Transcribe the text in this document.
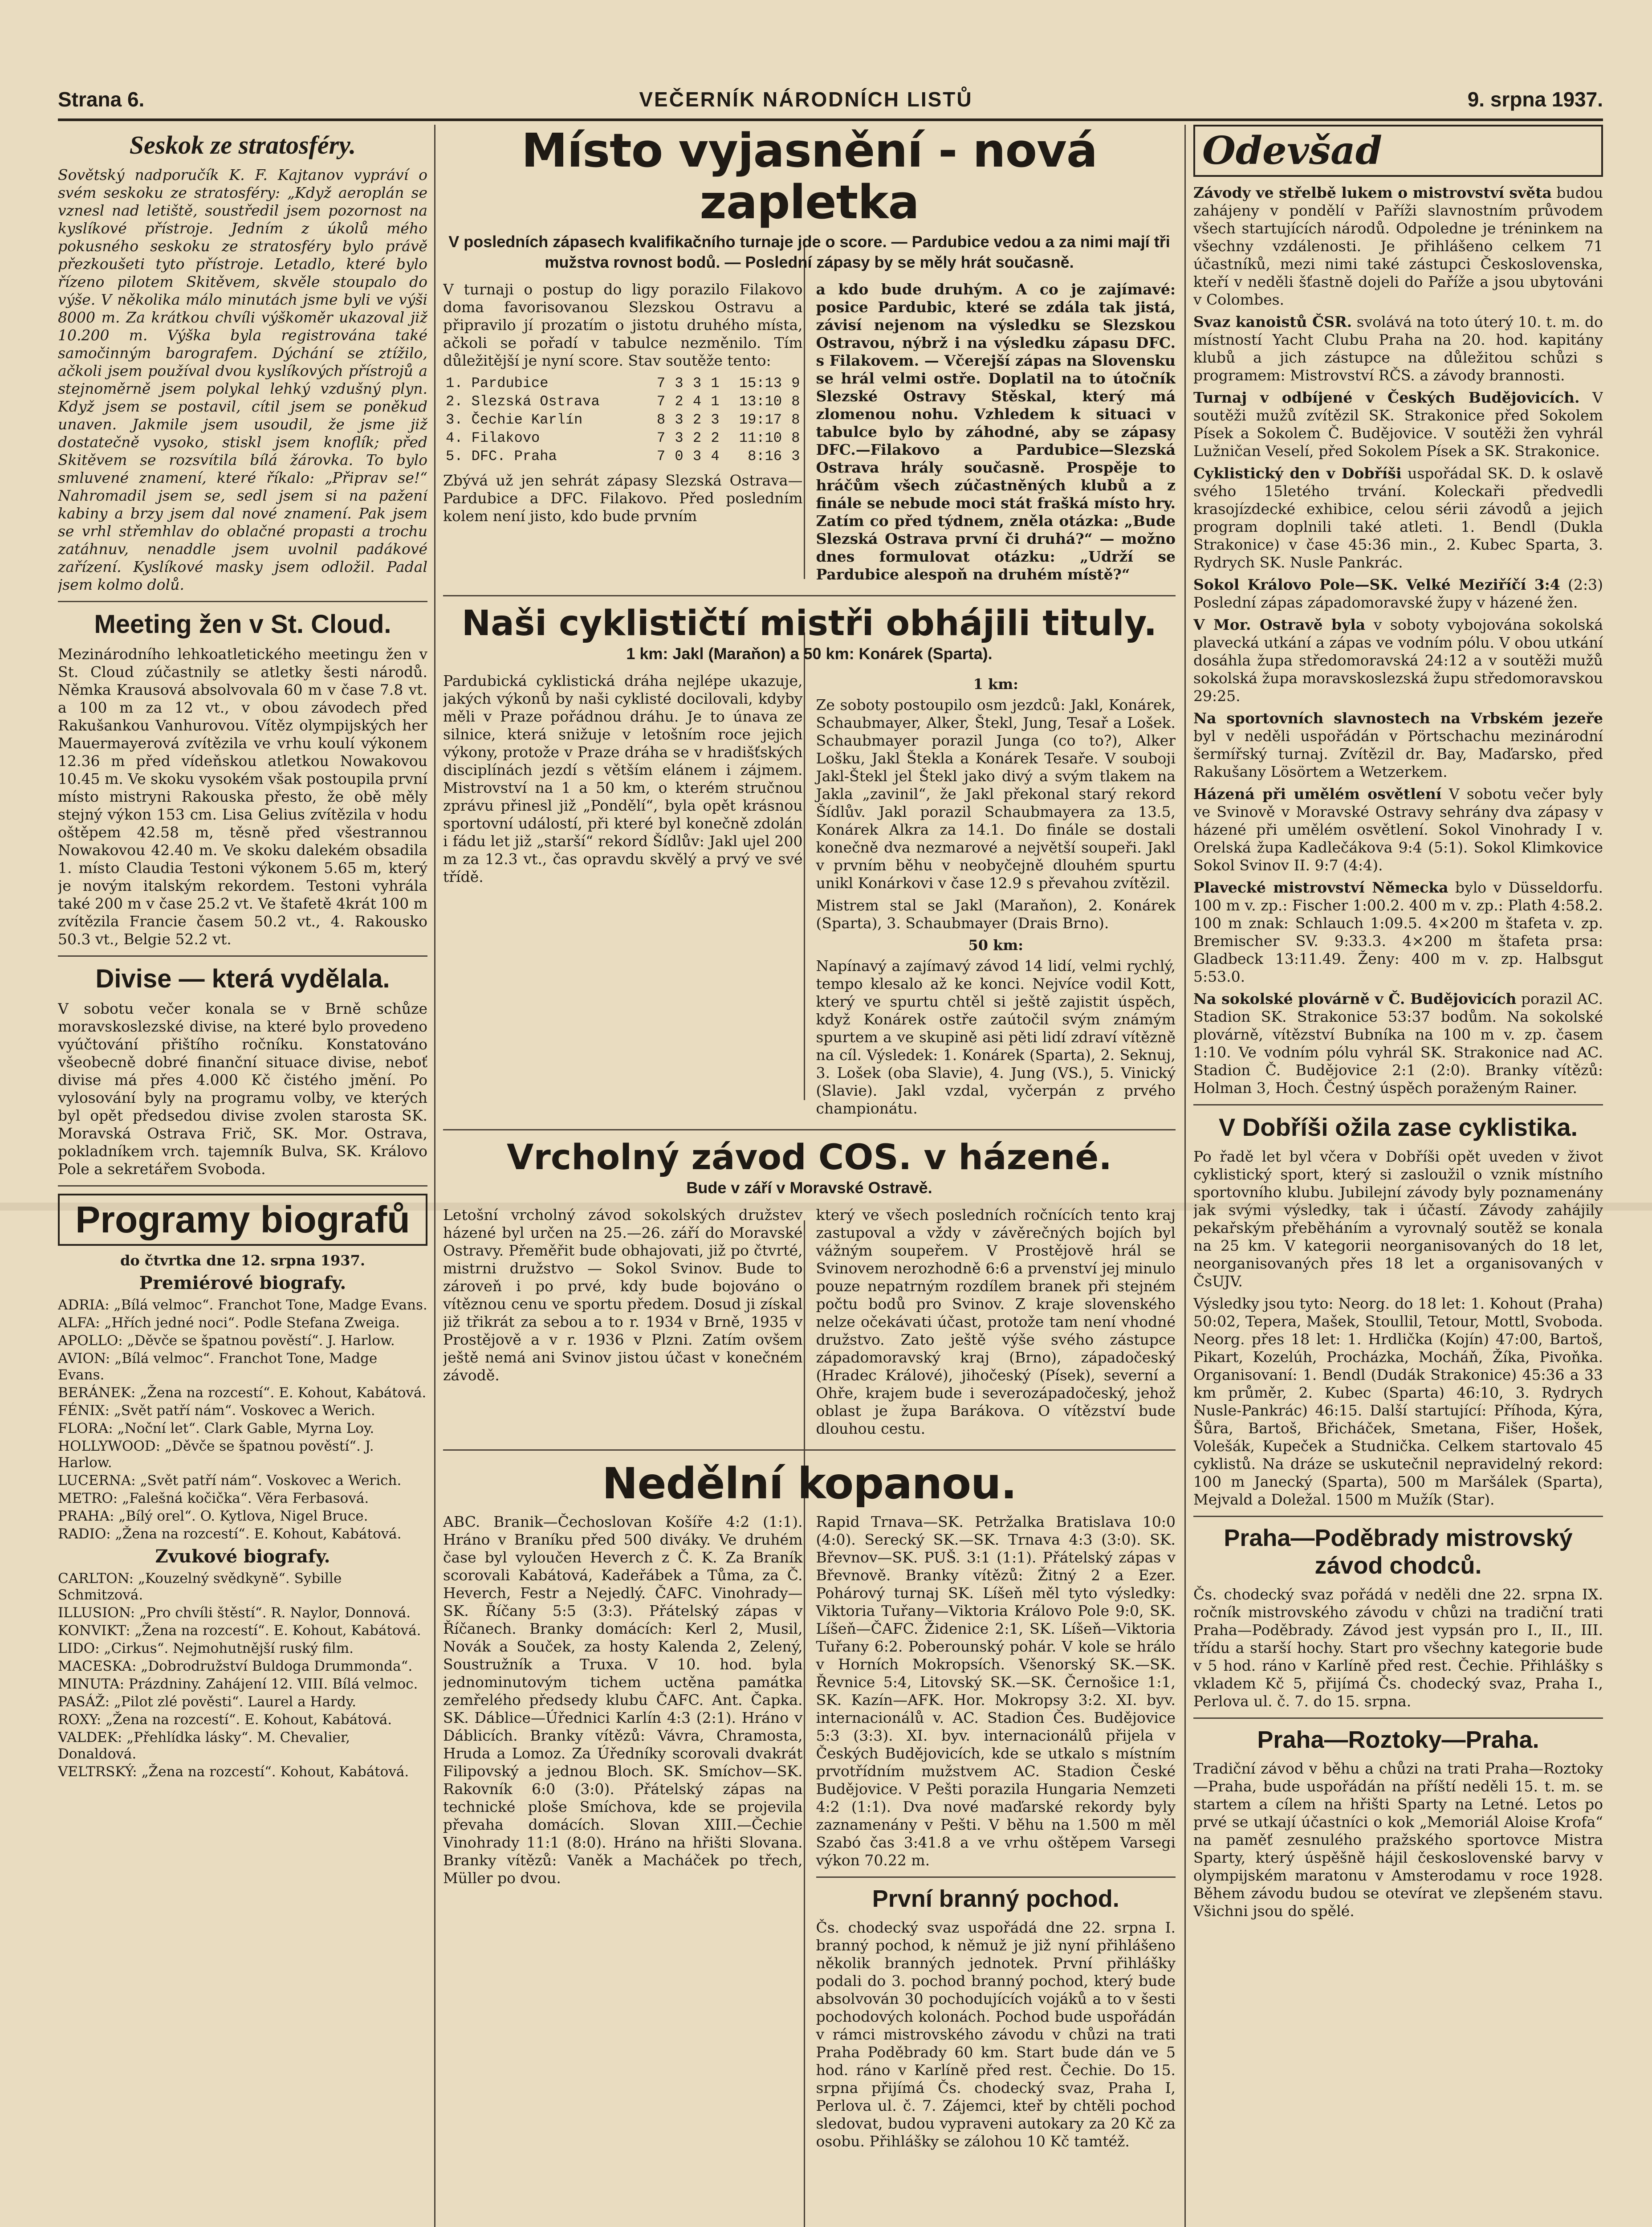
Strana 6.	VEČERNÍK NÁRODNÍCH LISTŮ	9. srpna 1937.
Seskok ze stratosféry.

Sovětský nadporučík K. F. Kajtanov vypráví o svém seskoku ze stratosféry: „Když aeroplán se vznesl nad letiště, soustředil jsem pozornost na kyslíkové přístroje. Jedním z úkolů mého pokusného seskoku ze stratosféry bylo právě přezkoušeti tyto přístroje. Letadlo, které bylo řízeno pilotem Skitěvem, skvěle stoupalo do výše. V několika málo minutách jsme byli ve výši 8000 m. Za krátkou chvíli výškoměr ukazoval již 10.200 m. Výška byla registrována také samočinným barografem. Dýchání se ztížilo, ačkoli jsem používal dvou kyslíkových přístrojů a stejnoměrně jsem polykal lehký vzdušný plyn. Když jsem se postavil, cítil jsem se poněkud unaven. Jakmile jsem usoudil, že jsme již dostatečně vysoko, stiskl jsem knoflík; před Skitěvem se rozsvítila bílá žárovka. To bylo smluvené znamení, které říkalo: „Připrav se!“ Nahromadil jsem se, sedl jsem si na pažení kabiny a brzy jsem dal nové znamení. Pak jsem se vrhl střemhlav do oblačné propasti a trochu zatáhnuv, nenaddle jsem uvolnil padákové zařízení. Kyslíkové masky jsem odložil. Padal jsem kolmo dolů.

Meeting žen v St. Cloud.

Mezinárodního lehkoatletického meetingu žen v St. Cloud zúčastnily se atletky šesti národů. Němka Krausová absolvovala 60 m v čase 7.8 vt. a 100 m za 12 vt., v obou závodech před Rakušankou Vanhurovou. Vítěz olympijských her Mauermayerová zvítězila ve vrhu koulí výkonem 12.36 m před vídeňskou atletkou Nowakovou 10.45 m. Ve skoku vysokém však postoupila první místo mistryni Rakouska přesto, že obě měly stejný výkon 153 cm. Lisa Gelius zvítězila v hodu oštěpem 42.58 m, těsně před všestrannou Nowakovou 42.40 m. Ve skoku dalekém obsadila 1. místo Claudia Testoni výkonem 5.65 m, který je novým italským rekordem. Testoni vyhrála také 200 m v čase 25.2 vt. Ve štafetě 4krát 100 m zvítězila Francie časem 50.2 vt., 4. Rakousko 50.3 vt., Belgie 52.2 vt.

Divise — která vydělala.

V sobotu večer konala se v Brně schůze moravskoslezské divise, na které bylo provedeno vyúčtování přištího ročníku. Konstatováno všeobecně dobré finanční situace divise, neboť divise má přes 4.000 Kč čistého jmění. Po vylosování byly na programu volby, ve kterých byl opět předsedou divise zvolen starosta SK. Moravská Ostrava Frič, SK. Mor. Ostrava, pokladníkem vrch. tajemník Bulva, SK. Královo Pole a sekretářem Svoboda.

Programy biografů
do čtvrtka dne 12. srpna 1937.
Premiérové biografy.

ADRIA: „Bílá velmoc“. Franchot Tone, Madge Evans.

ALFA: „Hřích jedné noci“. Podle Stefana Zweiga.

APOLLO: „Děvče se špatnou pověstí“. J. Harlow.

AVION: „Bílá velmoc“. Franchot Tone, Madge Evans.

BERÁNEK: „Žena na rozcestí“. E. Kohout, Kabátová.

FÉNIX: „Svět patří nám“. Voskovec a Werich.

FLORA: „Noční let“. Clark Gable, Myrna Loy.

HOLLYWOOD: „Děvče se špatnou pověstí“. J. Harlow.

LUCERNA: „Svět patří nám“. Voskovec a Werich.

METRO: „Falešná kočička“. Věra Ferbasová.

PRAHA: „Bílý orel“. O. Kytlova, Nigel Bruce.

RADIO: „Žena na rozcestí“. E. Kohout, Kabátová.

Zvukové biografy.

CARLTON: „Kouzelný svědkyně“. Sybille Schmitzová.

ILLUSION: „Pro chvíli štěstí“. R. Naylor, Donnová.

KONVIKT: „Žena na rozcestí“. E. Kohout, Kabátová.

LIDO: „Cirkus“. Nejmohutnější ruský film.

MACESKA: „Dobrodružství Buldoga Drummonda“.

MINUTA: Prázdniny. Zahájení 12. VIII. Bílá velmoc.

PASÁŽ: „Pilot zlé pověsti“. Laurel a Hardy.

ROXY: „Žena na rozcestí“. E. Kohout, Kabátová.

VALDEK: „Přehlídka lásky“. M. Chevalier, Donaldová.

VELTRSKÝ: „Žena na rozcestí“. Kohout, Kabátová.

Místo vyjasnění - nová zapletka
V posledních zápasech kvalifikačního turnaje jde o score. — Pardubice vedou a za nimi mají tři mužstva rovnost bodů. — Poslední zápasy by se měly hrát současně.

V turnaji o postup do ligy porazilo Filakovo doma favorisovanou Slezskou Ostravu a připravilo jí prozatím o jistotu druhého místa, ačkoli se pořadí v tabulce nezměnilo. Tím důležitější je nyní score. Stav soutěže tento:

1. Pardubice	7	3	3	1	15:13	9
2. Slezská Ostrava	7	2	4	1	13:10	8
3. Čechie Karlín	8	3	2	3	19:17	8
4. Filakovo	7	3	2	2	11:10	8
5. DFC. Praha	7	0	3	4	8:16	3

Zbývá už jen sehrát zápasy Slezská Ostrava—Pardubice a DFC. Filakovo. Před posledním kolem není jisto, kdo bude prvním

a kdo bude druhým. A co je zajímavé: posice Pardubic, které se zdála tak jistá, závisí nejenom na výsledku se Slezskou Ostravou, nýbrž i na výsledku zápasu DFC. s Filakovem. — Včerejší zápas na Slovensku se hrál velmi ostře. Doplatil na to útočník Slezské Ostravy Stěskal, který má zlomenou nohu. Vzhledem k situaci v tabulce bylo by záhodné, aby se zápasy DFC.—Filakovo a Pardubice—Slezská Ostrava hrály současně. Prospěje to hráčům všech zúčastněných klubů a z finále se nebude moci stát frašká místo hry. Zatím co před týdnem, zněla otázka: „Bude Slezská Ostrava první či druhá?“ — možno dnes formulovat otázku: „Udrží se Pardubice alespoň na druhém místě?“

Naši cyklističtí mistři obhájili tituly.
1 km: Jakl (Maraňon) a 50 km: Konárek (Sparta).

Pardubická cyklistická dráha nejlépe ukazuje, jakých výkonů by naši cyklisté docilovali, kdyby měli v Praze pořádnou dráhu. Je to únava ze silnice, která snižuje v letošním roce jejich výkony, protože v Praze dráha se v hradišťských disciplínách jezdí s větším elánem i zájmem. Mistrovství na 1 a 50 km, o kterém stručnou zprávu přinesl již „Pondělí“, byla opět krásnou sportovní událostí, při které byl konečně zdolán i fádu let již „starší“ rekord Šídlův: Jakl ujel 200 m za 12.3 vt., čas opravdu skvělý a prvý ve své třídě.

1 km:

Ze soboty postoupilo osm jezdců: Jakl, Konárek, Schaubmayer, Alker, Štekl, Jung, Tesař a Lošek. Schaubmayer porazil Junga (co to?), Alker Lošku, Jakl Štekla a Konárek Tesaře. V souboji Jakl-Štekl jel Štekl jako divý a svým tlakem na Jakla „zavinil“, že Jakl překonal starý rekord Šídlův. Jakl porazil Schaubmayera za 13.5, Konárek Alkra za 14.1. Do finále se dostali konečně dva nezmarové a největší soupeři. Jakl v prvním běhu v neobyčejně dlouhém spurtu unikl Konárkovi v čase 12.9 s převahou zvítězil.

Mistrem stal se Jakl (Maraňon), 2. Konárek (Sparta), 3. Schaubmayer (Drais Brno).

50 km:

Napínavý a zajímavý závod 14 lidí, velmi rychlý, tempo klesalo až ke konci. Nejvíce vodil Kott, který ve spurtu chtěl si ještě zajistit úspěch, když Konárek ostře zaútočil svým známým spurtem a ve skupině asi pěti lidí zdraví vítězně na cíl. Výsledek: 1. Konárek (Sparta), 2. Seknuj, 3. Lošek (oba Slavie), 4. Jung (VS.), 5. Vinický (Slavie). Jakl vzdal, vyčerpán z prvého championátu.

Vrcholný závod COS. v házené.
Bude v září v Moravské Ostravě.

Letošní vrcholný závod sokolských družstev házené byl určen na 25.—26. září do Moravské Ostravy. Přeměřit bude obhajovati, již po čtvrté, mistrni družstvo — Sokol Svinov. Bude to zároveň i po prvé, kdy bude bojováno o vítěznou cenu ve sportu předem. Dosud ji získal již třikrát za sebou a to r. 1934 v Brně, 1935 v Prostějově a v r. 1936 v Plzni. Zatím ovšem ještě nemá ani Svinov jistou účast v konečném závodě.

který ve všech posledních ročnících tento kraj zastupoval a vždy v závěrečných bojích byl vážným soupeřem. V Prostějově hrál se Svinovem nerozhodně 6:6 a prvenství jej minulo pouze nepatrným rozdílem branek při stejném počtu bodů pro Svinov. Z kraje slovenského nelze očekávati účast, protože tam není vhodné družstvo. Zato ještě výše svého zástupce západomoravský kraj (Brno), západočeský (Hradec Králové), jihočeský (Písek), severní a Ohře, krajem bude i severozápadočeský, jehož oblast je župa Barákova. O vítězství bude dlouhou cestu.

Nedělní kopanou.

ABC. Branik—Čechoslovan Košíře 4:2 (1:1). Hráno v Braníku před 500 diváky. Ve druhém čase byl vyloučen Heverch z Č. K. Za Braník scorovali Kabátová, Kadeřábek a Tůma, za Č. Heverch, Festr a Nejedlý. ČAFC. Vinohrady—SK. Říčany 5:5 (3:3). Přátelský zápas v Říčanech. Branky domácích: Kerl 2, Musil, Novák a Souček, za hosty Kalenda 2, Zelený, Soustružník a Truxa. V 10. hod. byla jednominutovým tichem uctěna památka zemřelého předsedy klubu ČAFC. Ant. Čapka. SK. Dáblice—Úřednici Karlín 4:3 (2:1). Hráno v Dáblicích. Branky vítězů: Vávra, Chramosta, Hruda a Lomoz. Za Úředníky scorovali dvakrát Filipovský a jednou Bloch. SK. Smíchov—SK. Rakovník 6:0 (3:0). Přátelský zápas na technické ploše Smíchova, kde se projevila převaha domácích. Slovan XIII.—Čechie Vinohrady 11:1 (8:0). Hráno na hřišti Slovana. Branky vítězů: Vaněk a Macháček po třech, Müller po dvou.

Rapid Trnava—SK. Petržalka Bratislava 10:0 (4:0). Serecký SK.—SK. Trnava 4:3 (3:0). SK. Břevnov—SK. PUŠ. 3:1 (1:1). Přátelský zápas v Břevnově. Branky vítězů: Žitný 2 a Ezer. Pohárový turnaj SK. Líšeň měl tyto výsledky: Viktoria Tuřany—Viktoria Královo Pole 9:0, SK. Líšeň—ČAFC. Židenice 2:1, SK. Líšeň—Viktoria Tuřany 6:2. Poberounský pohár. V kole se hrálo v Horních Mokropsích. Všenorský SK.—SK. Řevnice 5:4, Litovský SK.—SK. Černošice 1:1, SK. Kazín—AFK. Hor. Mokropsy 3:2. XI. byv. internacionálů v. AC. Stadion Čes. Budějovice 5:3 (3:3). XI. byv. internacionálů přijela v Českých Budějovicích, kde se utkalo s místním prvotřídním mužstvem AC. Stadion České Budějovice. V Pešti porazila Hungaria Nemzeti 4:2 (1:1). Dva nové maďarské rekordy byly zaznamenány v Pešti. V běhu na 1.500 m měl Szabó čas 3:41.8 a ve vrhu oštěpem Varsegi výkon 70.22 m.

První branný pochod.

Čs. chodecký svaz uspořádá dne 22. srpna I. branný pochod, k němuž je již nyní přihlášeno několik branných jednotek. První přihlášky podali do 3. pochod branný pochod, který bude absolvován 30 pochodujících vojáků a to v šesti pochodových kolonách. Pochod bude uspořádán v rámci mistrovského závodu v chůzi na trati Praha Poděbrady 60 km. Start bude dán ve 5 hod. ráno v Karlíně před rest. Čechie. Do 15. srpna přijímá Čs. chodecký svaz, Praha I, Perlova ul. č. 7. Zájemci, kteř by chtěli pochod sledovat, budou vypraveni autokary za 20 Kč za osobu. Přihlášky se zálohou 10 Kč tamtéž.

Odevšad

Závody ve střelbě lukem o mistrovství světa budou zahájeny v pondělí v Paříži slavnostním průvodem všech startujících národů. Odpoledne je tréninkem na všechny vzdálenosti. Je přihlášeno celkem 71 účastníků, mezi nimi také zástupci Československa, kteří v neděli šťastně dojeli do Paříže a jsou ubytováni v Colombes.

Svaz kanoistů ČSR. svolává na toto úterý 10. t. m. do místností Yacht Clubu Praha na 20. hod. kapitány klubů a jich zástupce na důležitou schůzi s programem: Mistrovství RČS. a závody brannosti.

Turnaj v odbíjené v Českých Budějovicích. V soutěži mužů zvítězil SK. Strakonice před Sokolem Písek a Sokolem Č. Budějovice. V soutěži žen vyhrál Lužničan Veselí, před Sokolem Písek a SK. Strakonice.

Cyklistický den v Dobříši uspořádal SK. D. k oslavě svého 15letého trvání. Koleckaři předvedli krasojízdecké exhibice, celou sérii závodů a jejich program doplnili také atleti. 1. Bendl (Dukla Strakonice) v čase 45:36 min., 2. Kubec Sparta, 3. Rydrych SK. Nusle Pankrác.

Sokol Královo Pole—SK. Velké Meziříčí 3:4 (2:3) Poslední zápas západomoravské župy v házené žen.

V Mor. Ostravě byla v soboty vybojována sokolská plavecká utkání a zápas ve vodním pólu. V obou utkání dosáhla župa středomoravská 24:12 a v soutěži mužů sokolská župa moravskoslezská župu středomoravskou 29:25.

Na sportovních slavnostech na Vrbském jezeře byl v neděli uspořádán v Pörtschachu mezinárodní šermířský turnaj. Zvítězil dr. Bay, Maďarsko, před Rakušany Lösörtem a Wetzerkem.

Házená při umělém osvětlení V sobotu večer byly ve Svinově v Moravské Ostravy sehrány dva zápasy v házené při umělém osvětlení. Sokol Vinohrady I v. Orelská župa Kadlečákova 9:4 (5:1). Sokol Klimkovice Sokol Svinov II. 9:7 (4:4).

Plavecké mistrovství Německa bylo v Düsseldorfu. 100 m v. zp.: Fischer 1:00.2. 400 m v. zp.: Plath 4:58.2. 100 m znak: Schlauch 1:09.5. 4×200 m štafeta v. zp. Bremischer SV. 9:33.3. 4×200 m štafeta prsa: Gladbeck 13:11.49. Ženy: 400 m v. zp. Halbsgut 5:53.0.

Na sokolské plovárně v Č. Budějovicích porazil AC. Stadion SK. Strakonice 53:37 bodům. Na sokolské plovárně, vítězství Bubníka na 100 m v. zp. časem 1:10. Ve vodním pólu vyhrál SK. Strakonice nad AC. Stadion Č. Budějovice 2:1 (2:0). Branky vítězů: Holman 3, Hoch. Čestný úspěch poraženým Rainer.

V Dobříši ožila zase cyklistika.

Po řadě let byl včera v Dobříši opět uveden v život cyklistický sport, který si zasloužil o vznik místního sportovního klubu. Jubilejní závody byly poznamenány jak svými výsledky, tak i účastí. Závody zahájily pekařským přeběháním a vyrovnalý soutěž se konala na 25 km. V kategorii neorganisovaných do 18 let, neorganisovaných přes 18 let a organisovaných v ČsUJV.

Výsledky jsou tyto: Neorg. do 18 let: 1. Kohout (Praha) 50:02, Tepera, Mašek, Stoullil, Tetour, Mottl, Svoboda. Neorg. přes 18 let: 1. Hrdlička (Kojín) 47:00, Bartoš, Pikart, Kozelúh, Procházka, Mocháň, Žíka, Pivoňka. Organisovaní: 1. Bendl (Dudák Strakonice) 45:36 a 33 km průměr, 2. Kubec (Sparta) 46:10, 3. Rydrych Nusle-Pankrác) 46:15. Další startující: Příhoda, Kýra, Šůra, Bartoš, Břicháček, Smetana, Fišer, Hošek, Volešák, Kupeček a Studnička. Celkem startovalo 45 cyklistů. Na dráze se uskutečnil nepravidelný rekord: 100 m Janecký (Sparta), 500 m Maršálek (Sparta), Mejvald a Doležal. 1500 m Mužík (Star).

Praha—Poděbrady mistrovský závod chodců.

Čs. chodecký svaz pořádá v neděli dne 22. srpna IX. ročník mistrovského závodu v chůzi na tradiční trati Praha—Poděbrady. Závod jest vypsán pro I., II., III. třídu a starší hochy. Start pro všechny kategorie bude v 5 hod. ráno v Karlíně před rest. Čechie. Přihlášky s vkladem Kč 5, přijímá Čs. chodecký svaz, Praha I., Perlova ul. č. 7. do 15. srpna.

Praha—Roztoky—Praha.

Tradiční závod v běhu a chůzi na trati Praha—Roztoky—Praha, bude uspořádán na příští neděli 15. t. m. se startem a cílem na hřišti Sparty na Letné. Letos po prvé se utkají účastníci o kok „Memoriál Aloise Krofa“ na paměť zesnulého pražského sportovce Mistra Sparty, který úspěšně hájil československé barvy v olympijském maratonu v Amsterodamu v roce 1928. Během závodu budou se otevírat ve zlepšeném stavu. Všichni jsou do spělé.
